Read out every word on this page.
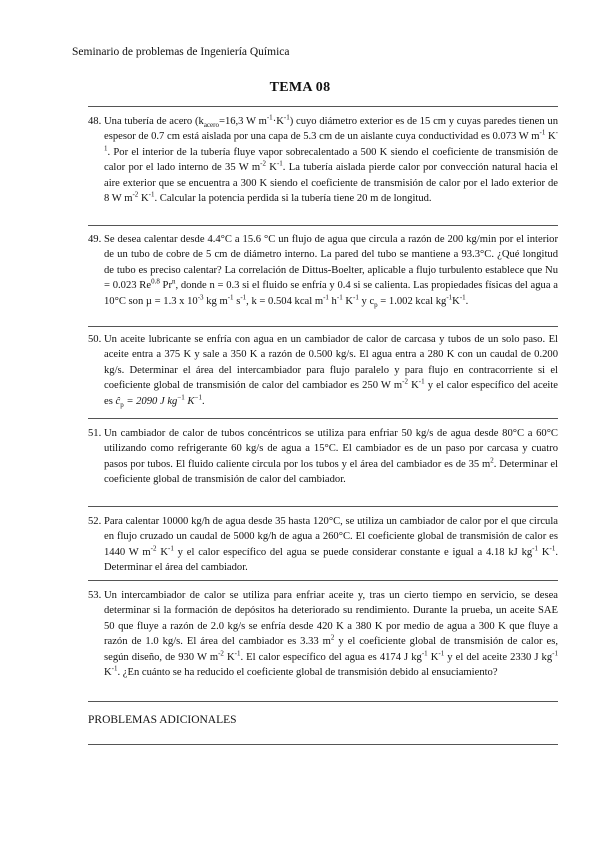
Seminario de problemas de Ingeniería Química
TEMA 08
48. Una tubería de acero ($k_{acero}=16,3$ W $m^{-1}\cdot K^{-1}$) cuyo diámetro exterior es de 15 cm y cuyas paredes tienen un espesor de 0.7 cm está aislada por una capa de 5.3 cm de un aislante cuya conductividad es 0.073 W $m^{-1}$ $K^{-1}$. Por el interior de la tubería fluye vapor sobrecalentado a 500 K siendo el coeficiente de transmisión de calor por el lado interno de 35 W $m^{-2}$ $K^{-1}$. La tubería aislada pierde calor por convección natural hacia el aire exterior que se encuentra a 300 K siendo el coeficiente de transmisión de calor por el lado exterior de 8 W $m^{-2}$ $K^{-1}$. Calcular la potencia perdida si la tubería tiene 20 m de longitud.
49. Se desea calentar desde 4.4°C a 15.6 °C un flujo de agua que circula a razón de 200 kg/min por el interior de un tubo de cobre de 5 cm de diámetro interno. La pared del tubo se mantiene a 93.3°C. ¿Qué longitud de tubo es preciso calentar? La correlación de Dittus-Boelter, aplicable a flujo turbulento establece que Nu = 0.023 $Re^{0.8}$ Pr$^n$, donde n = 0.3 si el fluido se enfría y 0.4 si se calienta. Las propiedades físicas del agua a 10°C son µ = 1.3 x $10^{-3}$ kg $m^{-1}$ $s^{-1}$, k = 0.504 kcal $m^{-1}$ $h^{-1}$ $K^{-1}$ y $c_p = 1.002$ kcal $kg^{-1}K^{-1}$.
50. Un aceite lubricante se enfría con agua en un cambiador de calor de carcasa y tubos de un solo paso. El aceite entra a 375 K y sale a 350 K a razón de 0.500 kg/s. El agua entra a 280 K con un caudal de 0.200 kg/s. Determinar el área del intercambiador para flujo paralelo y para flujo en contracorriente si el coeficiente global de transmisión de calor del cambiador es 250 W $m^{-2}$ $K^{-1}$ y el calor específico del aceite es $ĉ_p = 2090$ J $kg^{-1}$ $K^{-1}$.
51. Un cambiador de calor de tubos concéntricos se utiliza para enfriar 50 kg/s de agua desde 80°C a 60°C utilizando como refrigerante 60 kg/s de agua a 15°C. El cambiador es de un paso por carcasa y cuatro pasos por tubos. El fluido caliente circula por los tubos y el área del cambiador es de 35 $m^2$. Determinar el coeficiente global de transmisión de calor del cambiador.
52. Para calentar 10000 kg/h de agua desde 35 hasta 120°C, se utiliza un cambiador de calor por el que circula en flujo cruzado un caudal de 5000 kg/h de agua a 260°C. El coeficiente global de transmisión de calor es 1440 W $m^{-2}$ $K^{-1}$ y el calor específico del agua se puede considerar constante e igual a 4.18 kJ $kg^{-1}$ $K^{-1}$. Determinar el área del cambiador.
53. Un intercambiador de calor se utiliza para enfriar aceite y, tras un cierto tiempo en servicio, se desea determinar si la formación de depósitos ha deteriorado su rendimiento. Durante la prueba, un aceite SAE 50 que fluye a razón de 2.0 kg/s se enfría desde 420 K a 380 K por medio de agua a 300 K que fluye a razón de 1.0 kg/s. El área del cambiador es 3.33 $m^2$ y el coeficiente global de transmisión de calor es, según diseño, de 930 W $m^{-2}$ $K^{-1}$. El calor específico del agua es 4174 J $kg^{-1}$ $K^{-1}$ y el del aceite 2330 J $kg^{-1}$ $K^{-1}$. ¿En cuánto se ha reducido el coeficiente global de transmisión debido al ensuciamiento?
PROBLEMAS ADICIONALES
